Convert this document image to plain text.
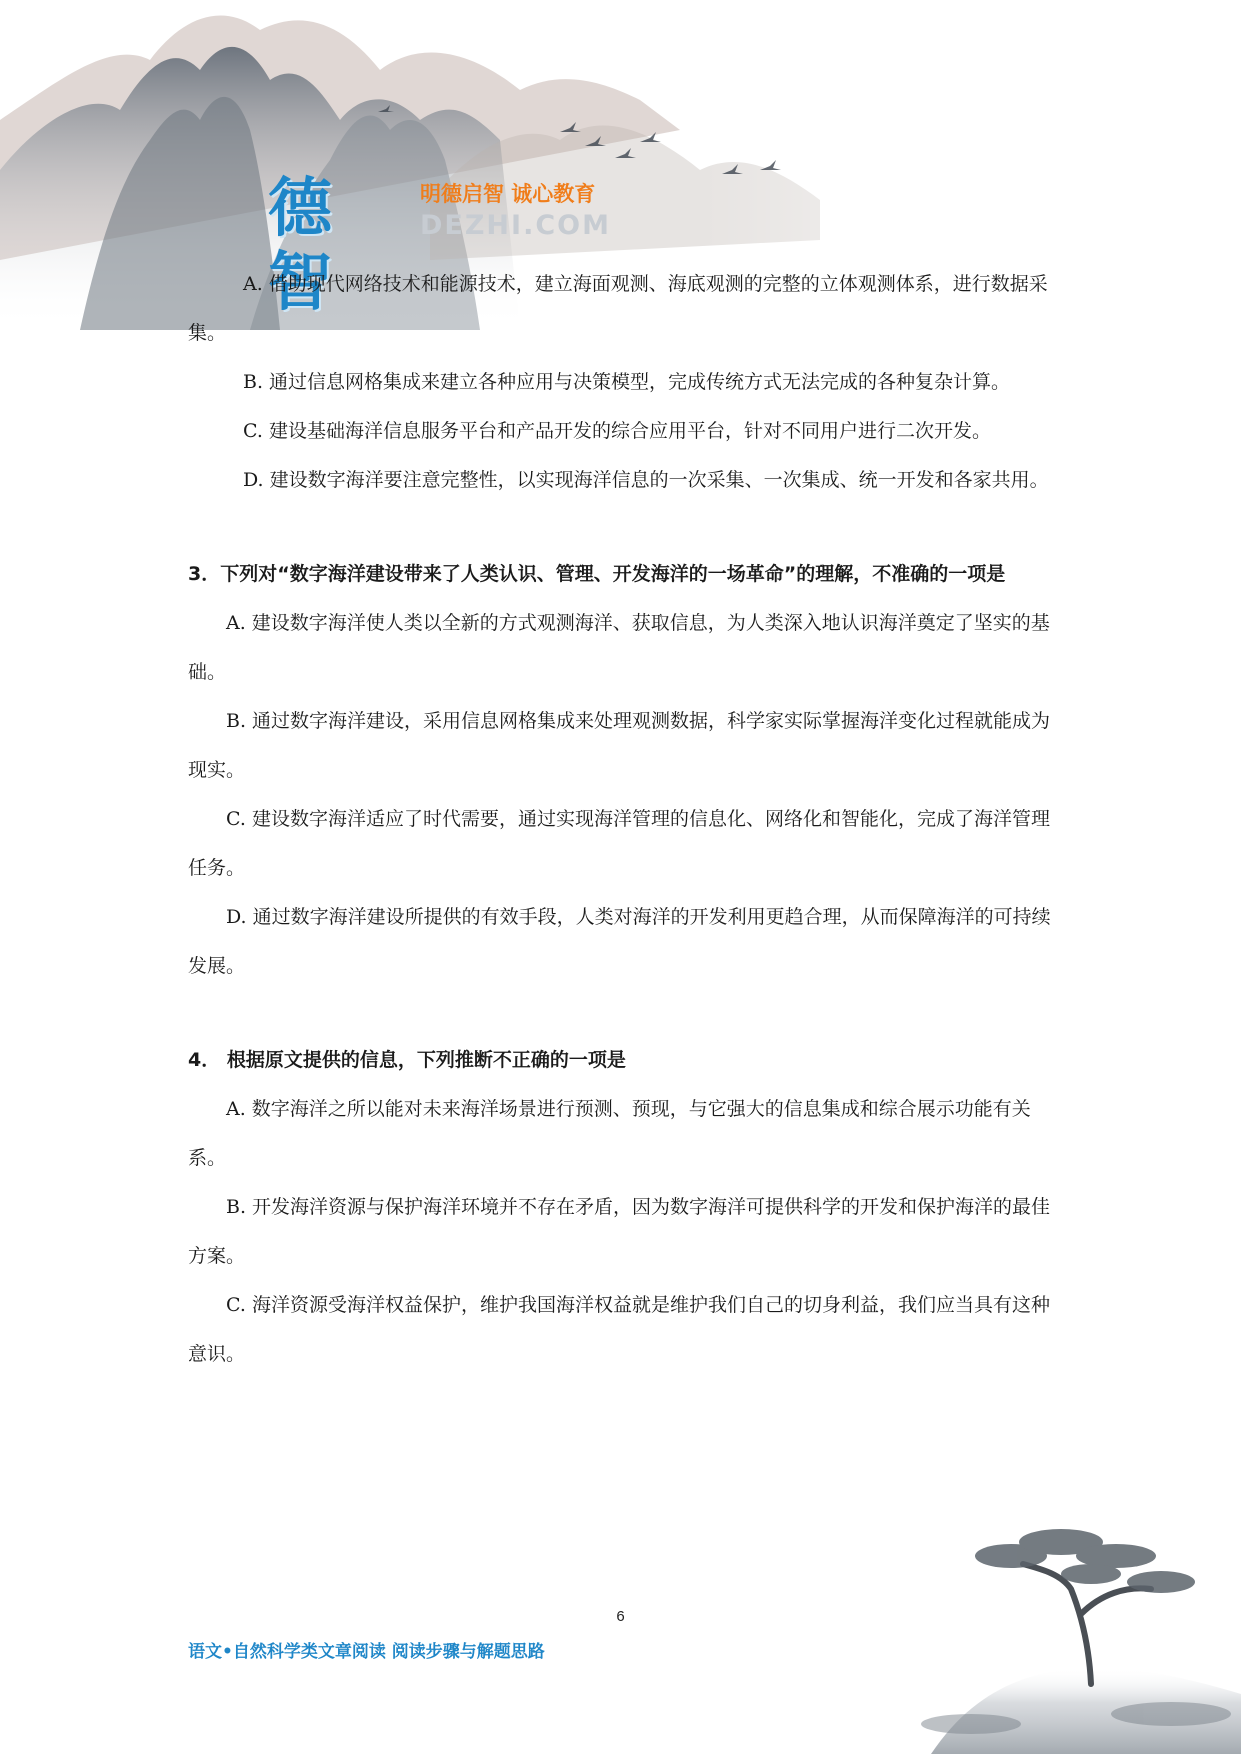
德智
明德启智 诚心教育
DEZHI.COM

A. 借助现代网络技术和能源技术，建立海面观测、海底观测的完整的立体观测体系，进行数据采集。

B. 通过信息网格集成来建立各种应用与决策模型，完成传统方式无法完成的各种复杂计算。

C. 建设基础海洋信息服务平台和产品开发的综合应用平台，针对不同用户进行二次开发。

D. 建设数字海洋要注意完整性，以实现海洋信息的一次采集、一次集成、统一开发和各家共用。

3．下列对“数字海洋建设带来了人类认识、管理、开发海洋的一场革命”的理解，不准确的一项是

A. 建设数字海洋使人类以全新的方式观测海洋、获取信息，为人类深入地认识海洋奠定了坚实的基础。

B. 通过数字海洋建设，采用信息网格集成来处理观测数据，科学家实际掌握海洋变化过程就能成为现实。

C. 建设数字海洋适应了时代需要，通过实现海洋管理的信息化、网络化和智能化，完成了海洋管理任务。

D. 通过数字海洋建设所提供的有效手段，人类对海洋的开发利用更趋合理，从而保障海洋的可持续发展。

4． 根据原文提供的信息，下列推断不正确的一项是

A. 数字海洋之所以能对未来海洋场景进行预测、预现，与它强大的信息集成和综合展示功能有关系。

B. 开发海洋资源与保护海洋环境并不存在矛盾，因为数字海洋可提供科学的开发和保护海洋的最佳方案。

C. 海洋资源受海洋权益保护，维护我国海洋权益就是维护我们自己的切身利益，我们应当具有这种意识。

6
语文•自然科学类文章阅读 阅读步骤与解题思路
